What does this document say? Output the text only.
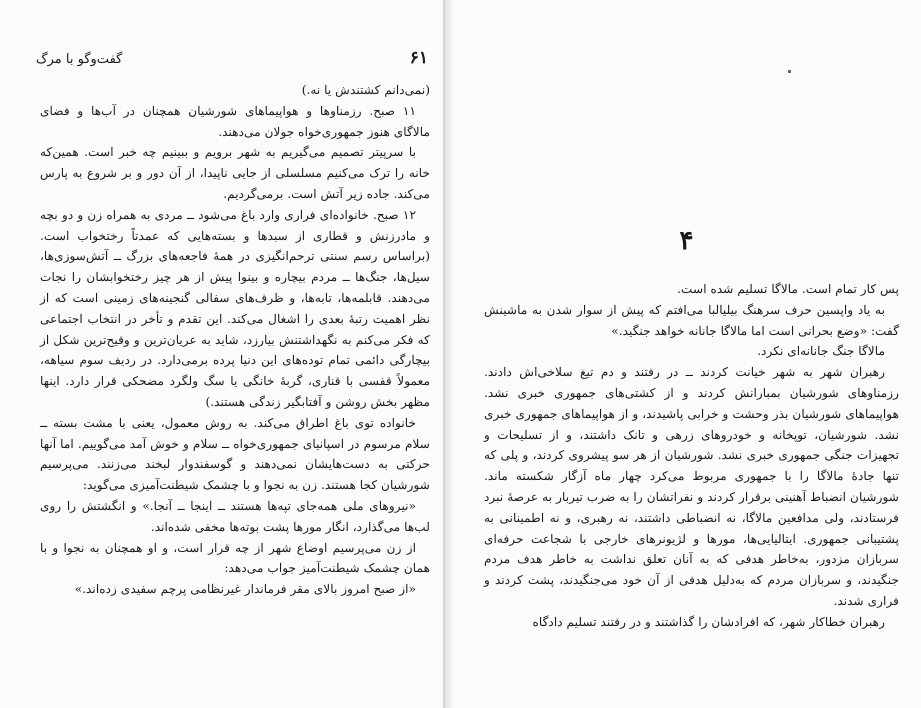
۶۱
گفت‌وگو با مرگ

(نمی‌دانم کشتندش یا نه.)

۱۱ صبح. رزمناوها و هواپیماهای شورشیان همچنان در آب‌ها و فضای مالاگای هنوز جمهوری‌خواه جولان می‌دهند.

با سرپیتر تصمیم می‌گیریم به شهر برویم و ببینیم چه خبر است. همین‌که خانه را ترک می‌کنیم مسلسلی از جایی ناپیدا، از آن دور و بر شروع به پارس می‌کند. جاده زیر آتش است. برمی‌گردیم.

۱۲ صبح. خانواده‌ای فراری وارد باغ می‌شود ــ مردی به همراه زن و دو بچه و مادرزنش و قطاری از سبدها و بسته‌هایی که عمدتاً رختخواب است. (براساس رسم سنتی ترحم‌انگیزی در همهٔ فاجعه‌های بزرگ ــ آتش‌سوزی‌ها، سیل‌ها، جنگ‌ها ــ مردم بیچاره و بینوا پیش از هر چیز رختخوابشان را نجات می‌دهند. قابلمه‌ها، تابه‌ها، و ظرف‌های سفالی گنجینه‌های زمینی است که از نظر اهمیت رتبهٔ بعدی را اشغال می‌کند. این تقدم و تأخر در انتخاب اجتماعی که فکر می‌کنم به نگهداشتنش بیارزد، شاید به عریان‌ترین و وقیح‌ترین شکل از بیچارگی دائمی تمام توده‌های این دنیا پرده برمی‌دارد. در ردیف سوم سیاهه، معمولاً قفسی با قناری، گربهٔ خانگی یا سگ ولگرد مضحکی قرار دارد. اینها مظهر بخش روشن و آفتابگیر زندگی هستند.)

خانواده توی باغ اطراق می‌کند. به روش معمول، یعنی با مشت بسته ــ سلام مرسوم در اسپانیای جمهوری‌خواه ــ سلام و خوش آمد می‌گوییم. اما آنها حرکتی به دست‌هایشان نمی‌دهند و گوسفندوار لبخند می‌زنند. می‌پرسیم شورشیان کجا هستند. زن به نجوا و با چشمک شیطنت‌آمیزی می‌گوید:

«نیروهای ملی همه‌جای تپه‌ها هستند ــ اینجا ــ آنجا.» و انگشتش را روی لب‌ها می‌گذارد، انگار مورها پشت بوته‌ها مخفی شده‌اند.

از زن می‌پرسیم اوضاع شهر از چه قرار است، و او همچنان به نجوا و با همان چشمک شیطنت‌آمیز جواب می‌دهد:

«از صبح امروز بالای مقر فرماندار غیرنظامی پرچم سفیدی زده‌اند.»

۴

پس کار تمام است. مالاگا تسلیم شده است.

به یاد واپسین حرف سرهنگ بیلیالبا می‌افتم که پیش از سوار شدن به ماشینش گفت: «وضع بحرانی است اما مالاگا جانانه خواهد جنگید.»

مالاگا جنگ جانانه‌ای نکرد.

رهبران شهر به شهر خیانت کردند ــ در رفتند و دم تیغ سلاخی‌اش دادند. رزمناوهای شورشیان بمبارانش کردند و از کشتی‌های جمهوری خبری نشد. هواپیماهای شورشیان بذر وحشت و خرابی پاشیدند، و از هواپیماهای جمهوری خبری نشد. شورشیان، توپخانه و خودروهای زرهی و تانک داشتند، و از تسلیحات و تجهیزات جنگی جمهوری خبری نشد. شورشیان از هر سو پیشروی کردند، و پلی که تنها جادهٔ مالاگا را با جمهوری مربوط می‌کرد چهار ماه آزگار شکسته ماند. شورشیان انضباط آهنینی برقرار کردند و نفراتشان را به ضرب تیربار به عرصهٔ نبرد فرستادند، ولی مدافعین مالاگا، نه انضباطی داشتند، نه رهبری، و نه اطمینانی به پشتیبانی جمهوری. ایتالیایی‌ها، مورها و لژیونرهای خارجی با شجاعت حرفه‌ای سربازان مزدور، به‌خاطر هدفی که به آنان تعلق نداشت به خاطر هدف مردم جنگیدند، و سربازان مردم که به‌دلیل هدفی از آن خود می‌جنگیدند، پشت کردند و فراری شدند.

رهبران خطاکار شهر، که افرادشان را گذاشتند و در رفتند تسلیم دادگاه
